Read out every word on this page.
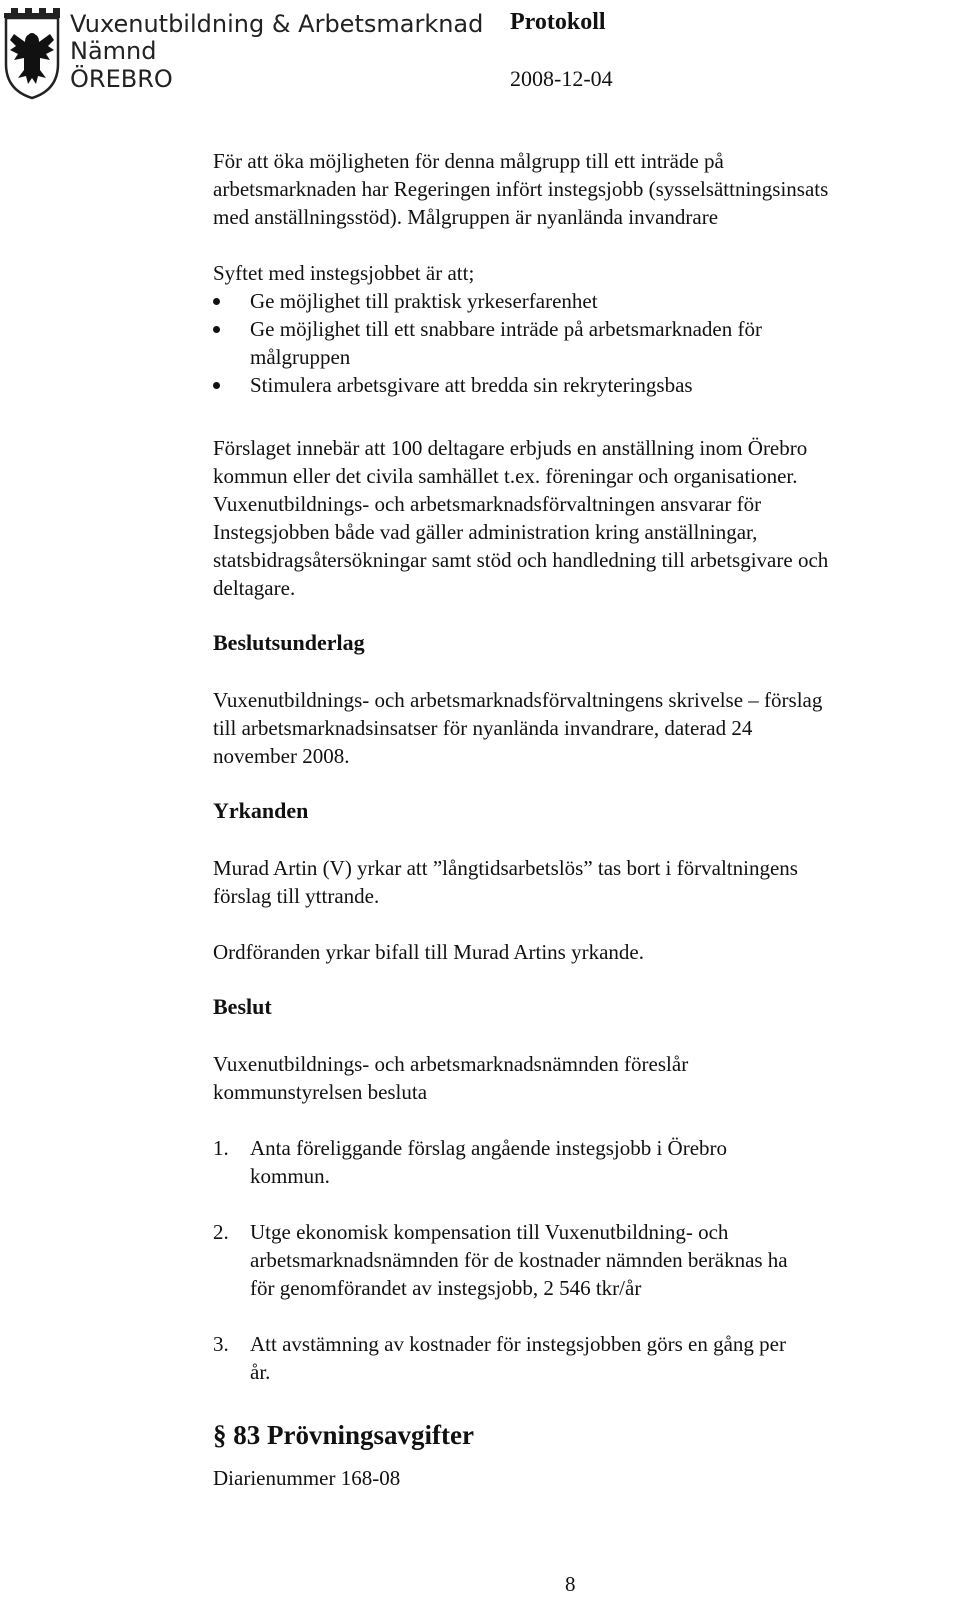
Vuxenutbildning & Arbetsmarknad
Nämnd
ÖREBRO
Protokoll
2008-12-04
För att öka möjligheten för denna målgrupp till ett inträde på
arbetsmarknaden har Regeringen infört instegsjobb (sysselsättningsinsats
med anställningsstöd). Målgruppen är nyanlända invandrare
Syftet med instegsjobbet är att;
Ge möjlighet till praktisk yrkeserfarenhet
Ge möjlighet till ett snabbare inträde på arbetsmarknaden för
målgruppen
Stimulera arbetsgivare att bredda sin rekryteringsbas
Förslaget innebär att 100 deltagare erbjuds en anställning inom Örebro
kommun eller det civila samhället t.ex. föreningar och organisationer.
Vuxenutbildnings- och arbetsmarknadsförvaltningen ansvarar för
Instegsjobben både vad gäller administration kring anställningar,
statsbidragsåtersökningar samt stöd och handledning till arbetsgivare och
deltagare.
Beslutsunderlag
Vuxenutbildnings- och arbetsmarknadsförvaltningens skrivelse – förslag
till arbetsmarknadsinsatser för nyanlända invandrare, daterad 24
november 2008.
Yrkanden
Murad Artin (V) yrkar att ”långtidsarbetslös” tas bort i förvaltningens
förslag till yttrande.
Ordföranden yrkar bifall till Murad Artins yrkande.
Beslut
Vuxenutbildnings- och arbetsmarknadsnämnden föreslår
kommunstyrelsen besluta
1. Anta föreliggande förslag angående instegsjobb i Örebro
kommun.
2. Utge ekonomisk kompensation till Vuxenutbildning- och
arbetsmarknadsnämnden för de kostnader nämnden beräknas ha
för genomförandet av instegsjobb, 2 546 tkr/år
3. Att avstämning av kostnader för instegsjobben görs en gång per
år.
§ 83 Prövningsavgifter
Diarienummer 168-08
8
